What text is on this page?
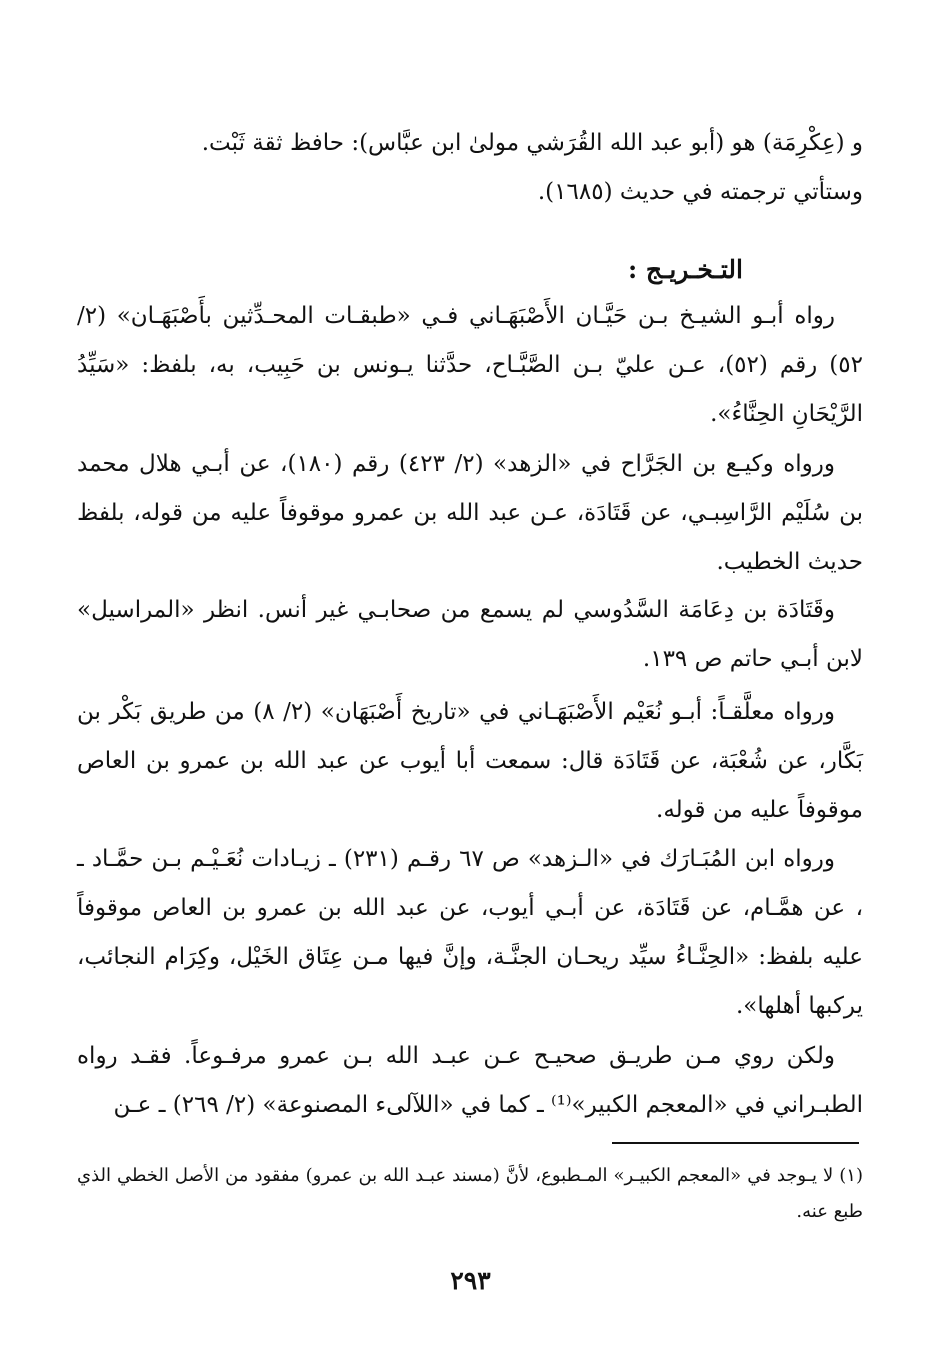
و (عِكْرِمَة) هو (أبو عبد الله القُرَشي مولىٰ ابن عبَّاس): حافظ ثقة ثَبْت.
وستأتي ترجمته في حديث (١٦٨٥).
التـخـريـج :

رواه أبـو الشيـخ بـن حَيَّـان الأَصْبَهَـاني فـي «طبقـات المحـدِّثين بأَصْبَهَـان» (٢/ ٥٢) رقم (٥٢)، عـن عليّ بـن الصَّبَّـاح، حدَّثنا يـونس بن حَبِيب، به، بلفظ: «سَيِّدُ الرَّيْحَانِ الحِنَّاءُ».

ورواه وكيـع بن الجَرَّاح في «الزهد» (٢/ ٤٢٣) رقم (١٨٠)، عن أبـي هلال محمد بن سُلَيْم الرَّاسِبـي، عن قَتَادَة، عـن عبد الله بن عمرو موقوفاً عليه من قوله، بلفظ حديث الخطيب.

وقَتَادَة بن دِعَامَة السَّدُوسي لم يسمع من صحابـي غير أنس. انظر «المراسيل» لابن أبـي حاتم ص ١٣٩.

ورواه معلَّقـاً: أبـو نُعَيْم الأَصْبَهَـاني في «تاريخ أَصْبَهَان» (٢/ ٨) من طريق بَكْر بن بَكَّار، عن شُعْبَة، عن قَتَادَة قال: سمعت أبا أيوب عن عبد الله بن عمرو بن العاص موقوفاً عليه من قوله.

ورواه ابن المُبَـارَك في «الـزهد» ص ٦٧ رقـم (٢٣١) ـ زيـادات نُعَـيْـم بـن حمَّـاد ـ ، عن همَّـام، عن قَتَادَة، عن أبـي أيوب، عن عبد الله بن عمرو بن العاص موقوفاً عليه بلفظ: «الحِنَّـاءُ سيِّد ريحـان الجنَّـة، وإنَّ فيها مـن عِتَاق الخَيْل، وكِرَام النجائب، يركبها أهلها».

ولكن روي مـن طريـق صحيـح عـن عبـد الله بـن عمرو مرفـوعاً. فقـد رواه الطبـراني في «المعجم الكبير»⁽¹⁾ ـ كما في «اللآلىء المصنوعة» (٢/ ٢٦٩) ـ عـن

(١) لا يـوجد في «المعجم الكبيـر» المـطبوع، لأنَّ (مسند عبـد الله بن عمرو) مفقود من الأصل الخطي الذي طبع عنه.
٢٩٣
